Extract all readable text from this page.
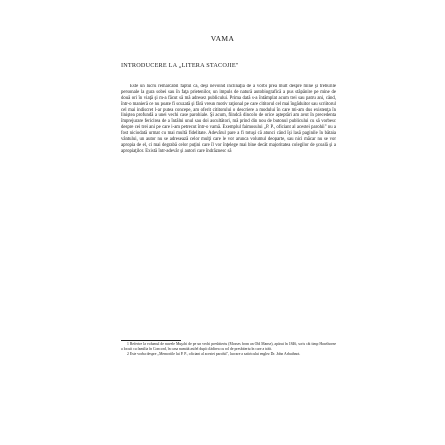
VAMA
INTRODUCERE LA „LITERA STACOJIE"

Este un lucru remarcabil faptul că, deşi nevoind înclinaţia de a vorbi prea mult despre mine şi treburile personale la gura sobei sau în faţa prietenilor, un impuls de natură autobiografică a pus stăpânire pe mine de două ori în viaţă şi m-a făcut să mă adresez publicului. Prima dată s-a întâmplat acum trei sau patru ani, când, într-o manieră ce nu poate fi scuzată şi fără vreun motiv raţional pe care cititorul cel mai îngăduitor sau scriitorul cel mai indiscret l-ar putea concepe, am oferit cititorului o descriere a modului în care mi-am dus existenţa în liniştea profundă a unei vechi case parohiale. Şi acum, fiindcă dincolo de orice aşteptări am avut în precedenta împrejurare fericirea de a întâlni unul sau doi ascultători, mă prind din nou de butonul publicului cu să vorbesc despre cei trei ani pe care i-am petrecut într-o vamă. Exemplul faimosului „P. P., oficiant al acestei parohii" nu a fost niciodată urmat cu mai multă fidelitate. Adevărul pare a fi totuşi că atunci când îşi lasă paginile în bătaia vântului, un autor nu se adresează celor mulţi care le vor arunca volumul deoparte, sau nici măcar nu se vor apropia de el, ci mai degrabă celor puţini care îl vor înţelege mai bine decât majoritatea colegilor de şcoală şi a apropiaţilor. Există într-adevăr şi autori care îndrăznesc să

1 Referire la volumul de nuvele Muşchi de pe un vechi presbiteriu (Mosses from an Old Manse), apărut în 1846, scris cât timp Hawthorne a locuit cu familia în Concord, în casa numită astfel după clădirea cu rol de presbiteriu în care a trăit.

2 Este vorba despre „Memoriile lui P. P., oficiant al acestei parohii", lucrare a satiricului englez Dr. John Arbuthnot.
